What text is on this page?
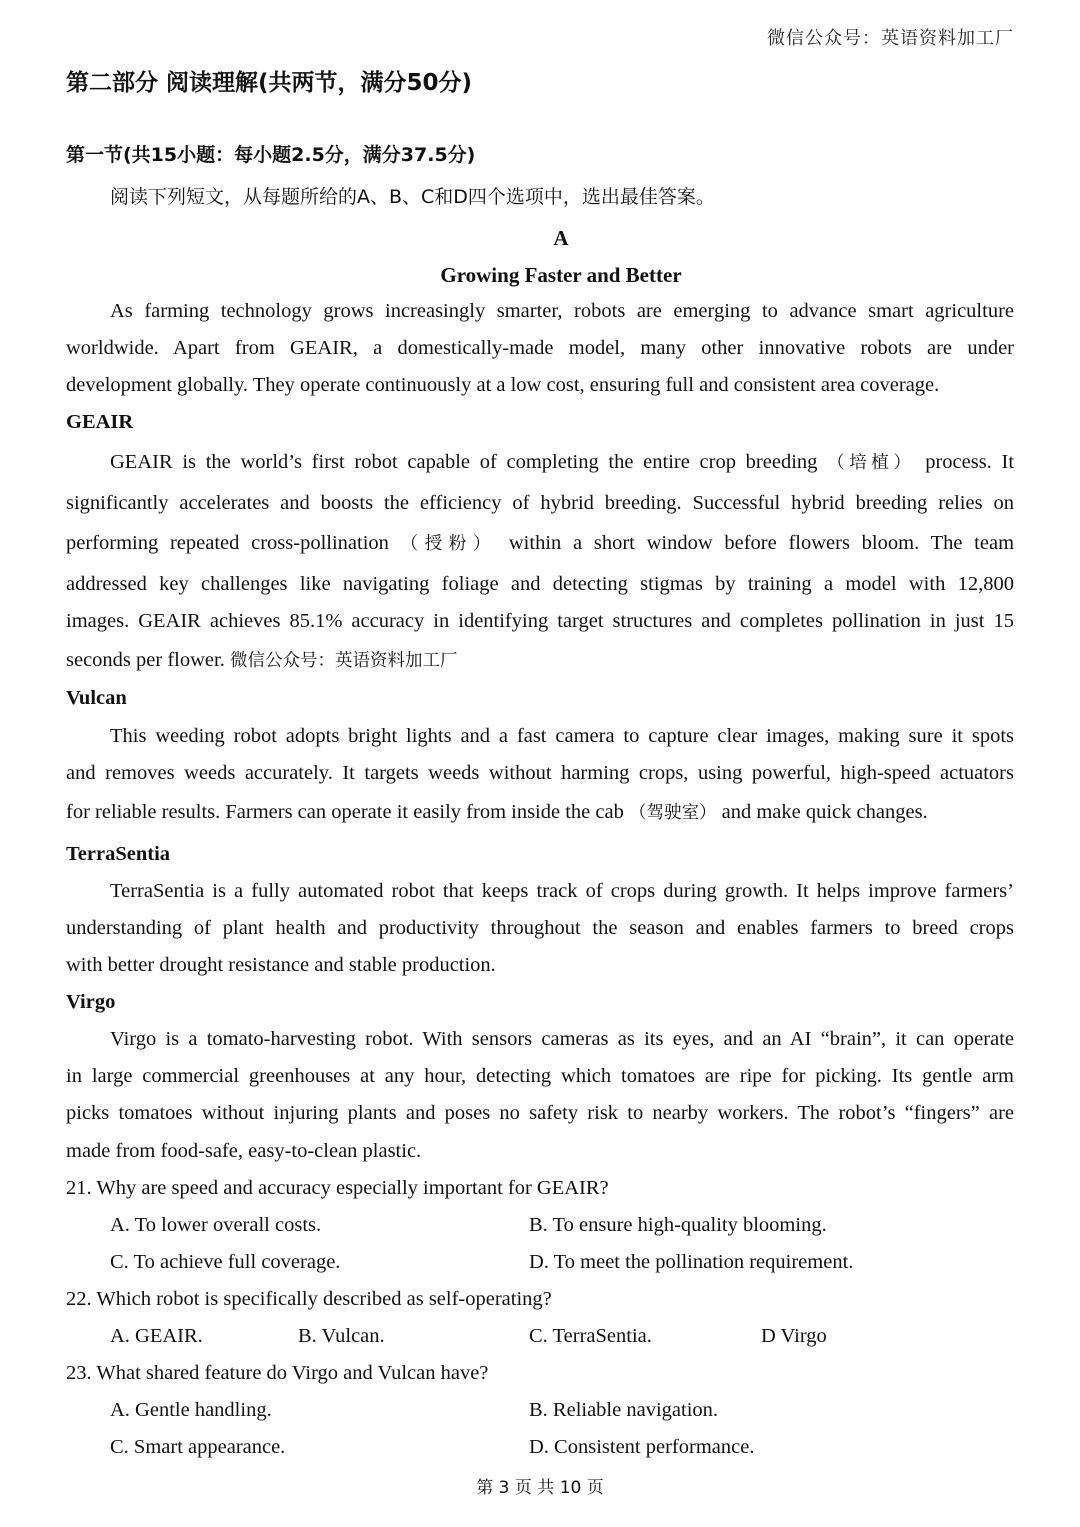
微信公众号：英语资料加工厂
第二部分 阅读理解(共两节，满分50分)
第一节(共15小题：每小题2.5分，满分37.5分)
阅读下列短文，从每题所给的A、B、C和D四个选项中，选出最佳答案。
A
Growing Faster and Better
As farming technology grows increasingly smarter, robots are emerging to advance smart agriculture
worldwide. Apart from GEAIR, a domestically-made model, many other innovative robots are under
development globally. They operate continuously at a low cost, ensuring full and consistent area coverage.
GEAIR
GEAIR is the world’s first robot capable of completing the entire crop breeding （培植） process. It
significantly accelerates and boosts the efficiency of hybrid breeding. Successful hybrid breeding relies on
performing repeated cross-pollination （授粉） within a short window before flowers bloom. The team
addressed key challenges like navigating foliage and detecting stigmas by training a model with 12,800
images. GEAIR achieves 85.1% accuracy in identifying target structures and completes pollination in just 15
seconds per flower. 微信公众号：英语资料加工厂
Vulcan
This weeding robot adopts bright lights and a fast camera to capture clear images, making sure it spots
and removes weeds accurately. It targets weeds without harming crops, using powerful, high-speed actuators
for reliable results. Farmers can operate it easily from inside the cab （驾驶室） and make quick changes.
TerraSentia
TerraSentia is a fully automated robot that keeps track of crops during growth. It helps improve farmers’
understanding of plant health and productivity throughout the season and enables farmers to breed crops
with better drought resistance and stable production.
Virgo
Virgo is a tomato-harvesting robot. With sensors cameras as its eyes, and an AI “brain”, it can operate
in large commercial greenhouses at any hour, detecting which tomatoes are ripe for picking. Its gentle arm
picks tomatoes without injuring plants and poses no safety risk to nearby workers. The robot’s “fingers” are
made from food-safe, easy-to-clean plastic.
21. Why are speed and accuracy especially important for GEAIR?
A. To lower overall costs.	B. To ensure high-quality blooming.
C. To achieve full coverage.	D. To meet the pollination requirement.
22. Which robot is specifically described as self-operating?
A. GEAIR.	B. Vulcan.	C. TerraSentia.	D Virgo
23. What shared feature do Virgo and Vulcan have?
A. Gentle handling.	B. Reliable navigation.
C. Smart appearance.	D. Consistent performance.
第 3 页 共 10 页
